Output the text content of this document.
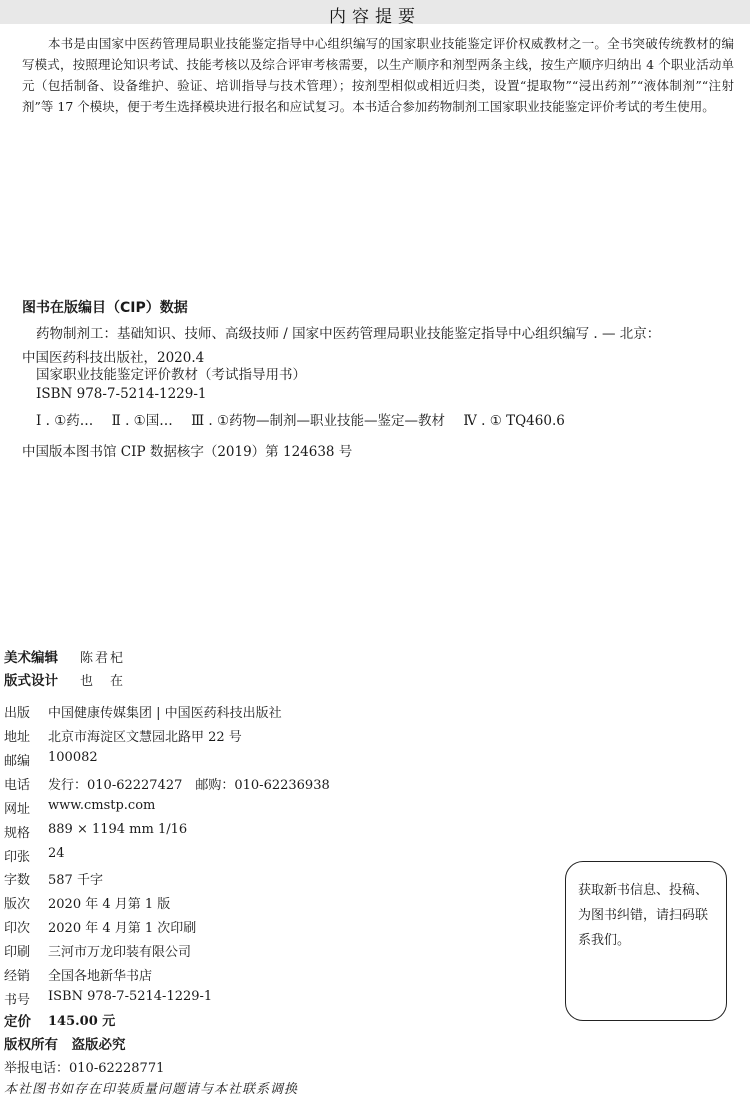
内容提要
本书是由国家中医药管理局职业技能鉴定指导中心组织编写的国家职业技能鉴定评价权威教材之一。全书突破传统教材的编写模式，按照理论知识考试、技能考核以及综合评审考核需要，以生产顺序和剂型两条主线，按生产顺序归纳出 4 个职业活动单元（包括制备、设备维护、验证、培训指导与技术管理）；按剂型相似或相近归类，设置“提取物”“浸出药剂”“液体制剂”“注射剂”等 17 个模块，便于考生选择模块进行报名和应试复习。本书适合参加药物制剂工国家职业技能鉴定评价考试的考生使用。
图书在版编目（CIP）数据
药物制剂工：基础知识、技师、高级技师 / 国家中医药管理局职业技能鉴定指导中心组织编写 . — 北京：
中国医药科技出版社，2020.4
国家职业技能鉴定评价教材（考试指导用书）
ISBN 978-7-5214-1229-1
Ⅰ . ①药… Ⅱ . ①国… Ⅲ . ①药物—制剂—职业技能—鉴定—教材 Ⅳ . ① TQ460.6
中国版本图书馆 CIP 数据核字（2019）第 124638 号
美术编辑 陈君杞
版式设计 也　在
出版 中国健康传媒集团 | 中国医药科技出版社
地址 北京市海淀区文慧园北路甲 22 号
邮编 100082
电话 发行：010-62227427　邮购：010-62236938
网址 www.cmstp.com
规格 889 × 1194 mm 1/16
印张 24
字数 587 千字
版次 2020 年 4 月第 1 版
印次 2020 年 4 月第 1 次印刷
印刷 三河市万龙印装有限公司
经销 全国各地新华书店
书号 ISBN 978-7-5214-1229-1
定价 145.00 元
版权所有　盗版必究
举报电话：010-62228771
获取新书信息、投稿、为图书纠错，请扫码联系我们。
本社图书如存在印装质量问题请与本社联系调换
